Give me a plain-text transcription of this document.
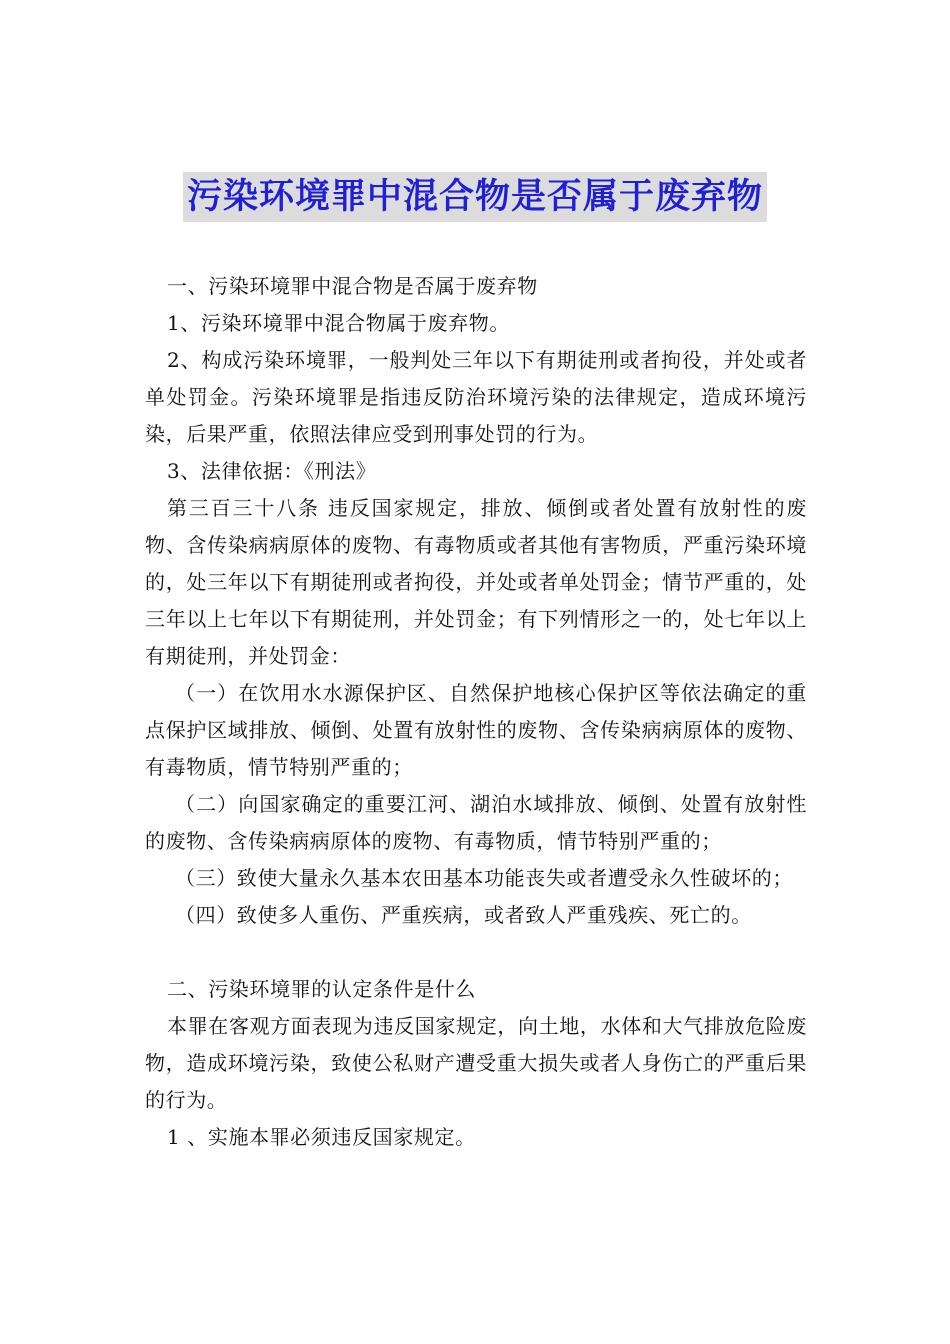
污染环境罪中混合物是否属于废弃物

一、污染环境罪中混合物是否属于废弃物

1、污染环境罪中混合物属于废弃物。

2、构成污染环境罪，一般判处三年以下有期徒刑或者拘役，并处或者单处罚金。污染环境罪是指违反防治环境污染的法律规定，造成环境污染，后果严重，依照法律应受到刑事处罚的行为。

3、法律依据：《刑法》

第三百三十八条 违反国家规定，排放、倾倒或者处置有放射性的废物、含传染病病原体的废物、有毒物质或者其他有害物质，严重污染环境的，处三年以下有期徒刑或者拘役，并处或者单处罚金；情节严重的，处三年以上七年以下有期徒刑，并处罚金；有下列情形之一的，处七年以上有期徒刑，并处罚金：

（一）在饮用水水源保护区、自然保护地核心保护区等依法确定的重点保护区域排放、倾倒、处置有放射性的废物、含传染病病原体的废物、有毒物质，情节特别严重的；

（二）向国家确定的重要江河、湖泊水域排放、倾倒、处置有放射性的废物、含传染病病原体的废物、有毒物质，情节特别严重的；

（三）致使大量永久基本农田基本功能丧失或者遭受永久性破坏的；

（四）致使多人重伤、严重疾病，或者致人严重残疾、死亡的。

二、污染环境罪的认定条件是什么

本罪在客观方面表现为违反国家规定，向土地，水体和大气排放危险废物，造成环境污染，致使公私财产遭受重大损失或者人身伤亡的严重后果的行为。

1 、实施本罪必须违反国家规定。
